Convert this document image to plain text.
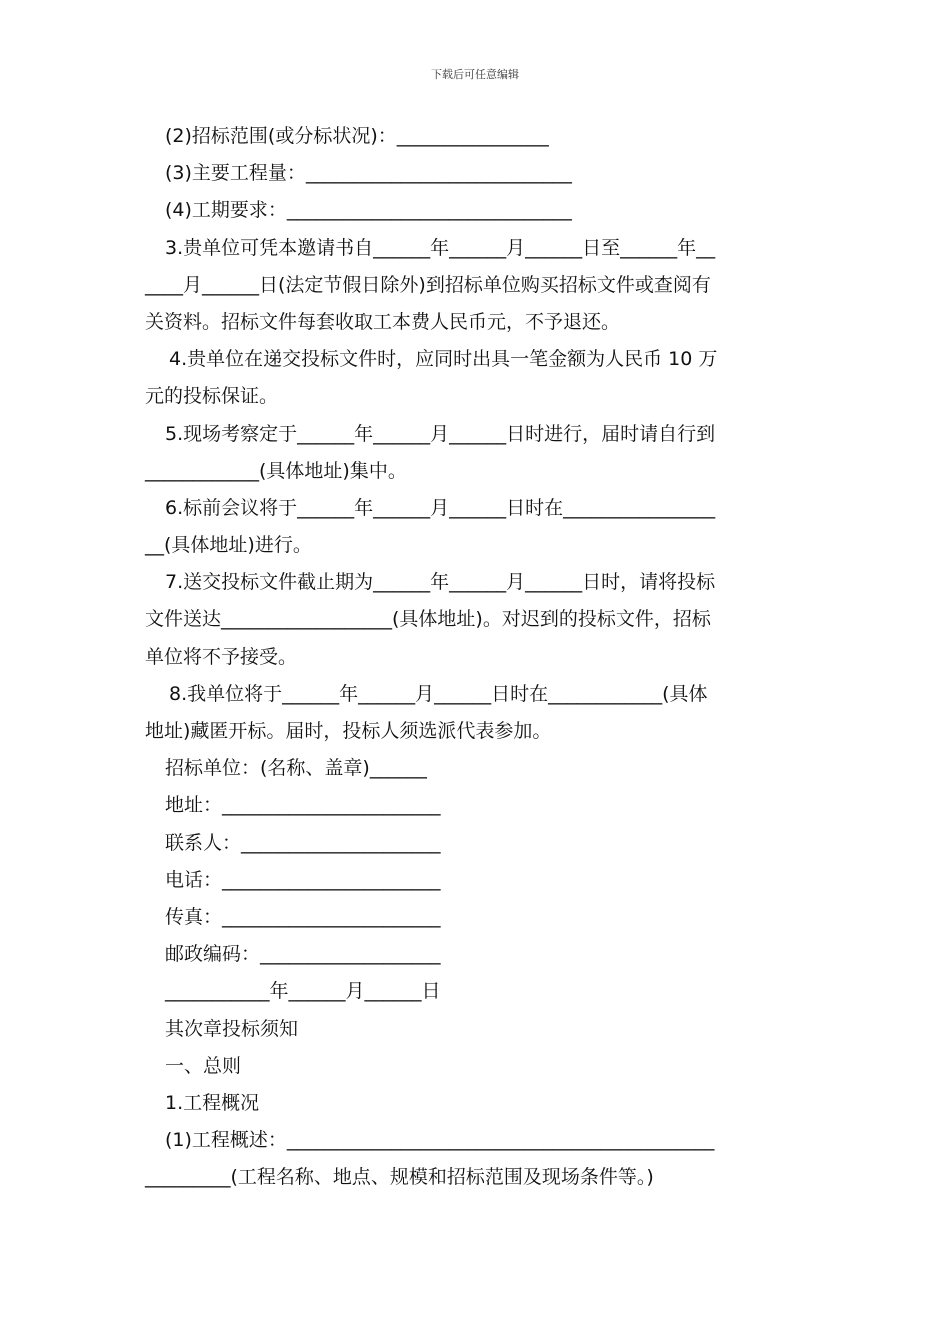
下载后可任意编辑
(2)招标范围(或分标状况)：________________
(3)主要工程量：____________________________
(4)工期要求：______________________________
3.贵单位可凭本邀请书自______年______月______日至______年__
____月______日(法定节假日除外)到招标单位购买招标文件或查阅有
关资料。招标文件每套收取工本费人民币元，不予退还。
4.贵单位在递交投标文件时，应同时出具一笔金额为人民币 10 万
元的投标保证。
5.现场考察定于______年______月______日时进行，届时请自行到
____________(具体地址)集中。
6.标前会议将于______年______月______日时在________________
__(具体地址)进行。
7.送交投标文件截止期为______年______月______日时，请将投标
文件送达__________________(具体地址)。对迟到的投标文件，招标
单位将不予接受。
8.我单位将于______年______月______日时在____________(具体
地址)藏匿开标。届时，投标人须选派代表参加。
招标单位：(名称、盖章)______
地址：_______________________
联系人：_____________________
电话：_______________________
传真：_______________________
邮政编码：___________________
___________年______月______日
其次章投标须知
一、总则
1.工程概况
(1)工程概述：_____________________________________________
_________(工程名称、地点、规模和招标范围及现场条件等。)
